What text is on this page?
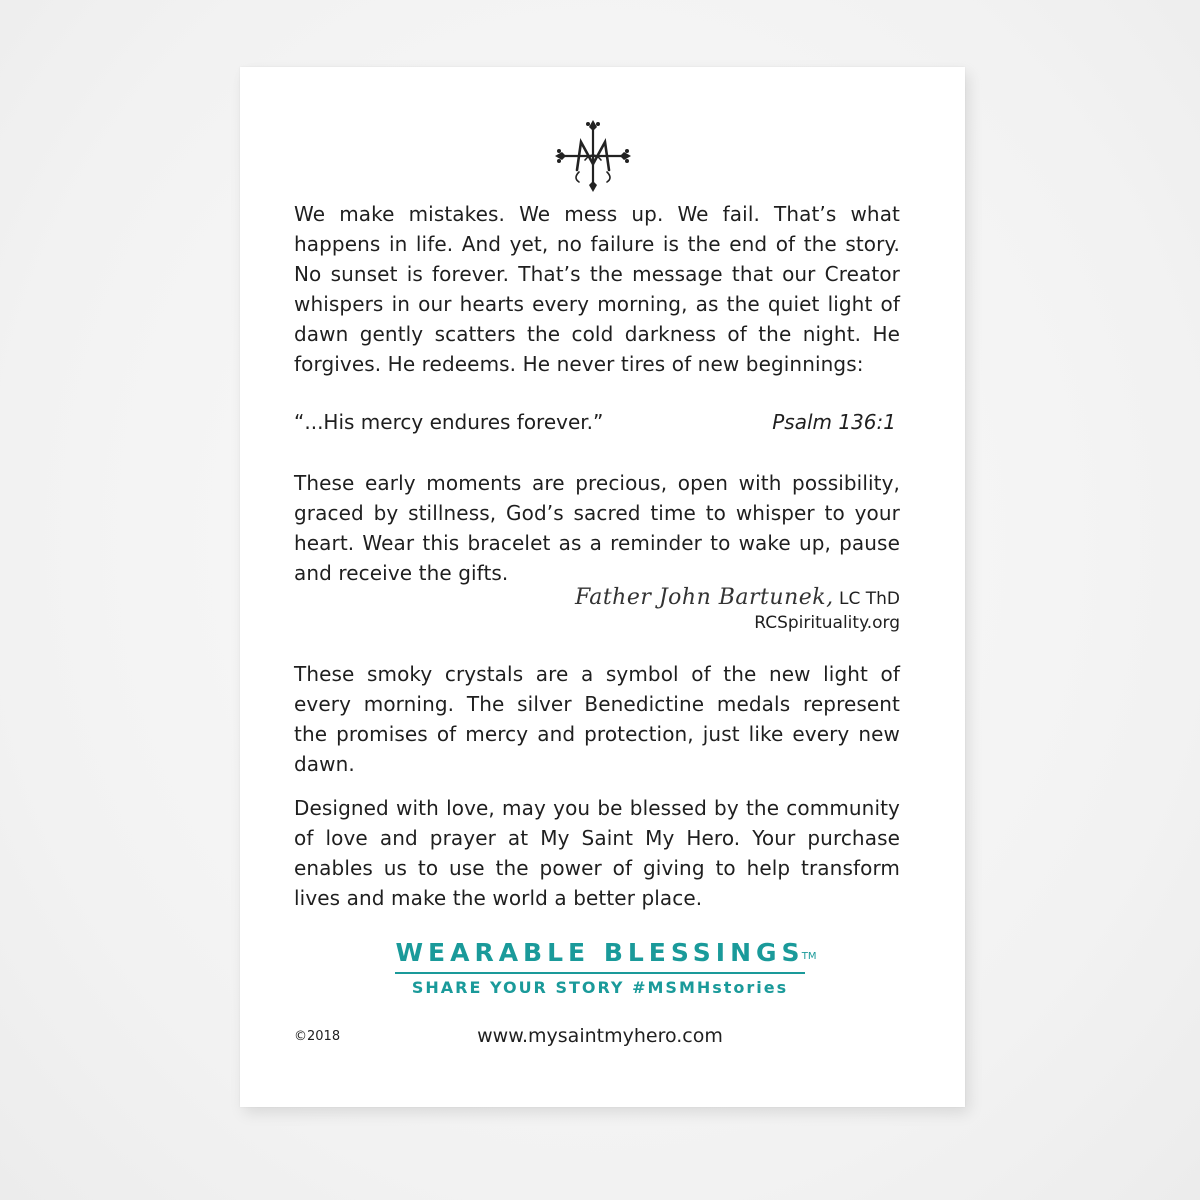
We make mistakes. We mess up. We fail. That’s what happens in life. And yet, no failure is the end of the story. No sunset is forever. That’s the message that our Creator whispers in our hearts every morning, as the quiet light of dawn gently scatters the cold darkness of the night. He forgives. He redeems. He never tires of new beginnings:

“...His mercy endures forever.”	Psalm 136:1

These early moments are precious, open with possibility, graced by stillness, God’s sacred time to whisper to your heart. Wear this bracelet as a reminder to wake up, pause and receive the gifts.

Father John Bartunek, LC ThD
RCSpirituality.org

These smoky crystals are a symbol of the new light of every morning. The silver Benedictine medals represent the promises of mercy and protection, just like every new dawn.

Designed with love, may you be blessed by the community of love and prayer at My Saint My Hero. Your purchase enables us to use the power of giving to help transform lives and make the world a better place.

WEARABLE BLESSINGS
TM
SHARE YOUR STORY #MSMHstories
©2018	www.mysaintmyhero.com
